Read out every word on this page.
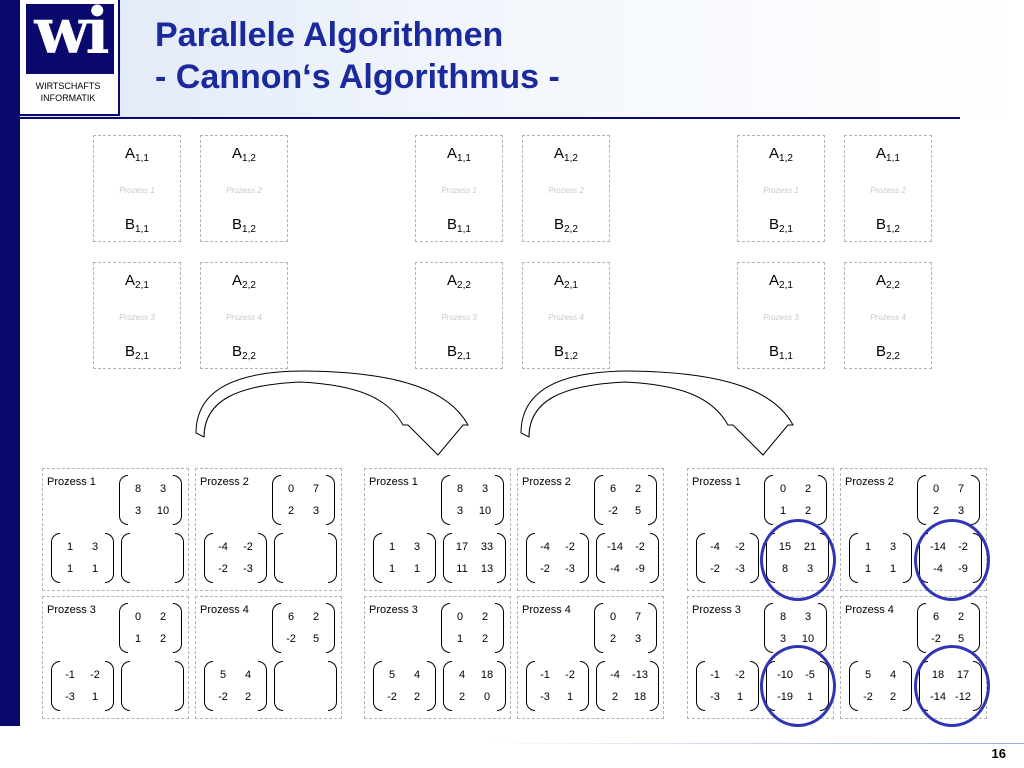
wi
WIRTSCHAFTS
INFORMATIK
Parallele Algorithmen
- Cannon‘s Algorithmus -
$A_{1,1}$
Prozess 1
$B_{1,1}$
$A_{1,2}$
Prozess 2
$B_{1,2}$
$A_{2,1}$
Prozess 3
$B_{2,1}$
$A_{2,2}$
Prozess 4
$B_{2,2}$
$A_{1,1}$
Prozess 1
$B_{1,1}$
$A_{1,2}$
Prozess 2
$B_{2,2}$
$A_{2,2}$
Prozess 3
$B_{2,1}$
$A_{2,1}$
Prozess 4
$B_{1,2}$
$A_{1,2}$
Prozess 1
$B_{2,1}$
$A_{1,1}$
Prozess 2
$B_{1,2}$
$A_{2,1}$
Prozess 3
$B_{1,1}$
$A_{2,2}$
Prozess 4
$B_{2,2}$
Prozess 1
8	3
3	10
1	3
1	1
Prozess 2
0	7
2	3
-4	-2
-2	-3
Prozess 3
0	2
1	2
-1	-2
-3	1
Prozess 4
6	2
-2	5
5	4
-2	2
Prozess 1
8	3
3	10
1	3
1	1
17	33
11	13
Prozess 2
6	2
-2	5
-4	-2
-2	-3
-14	-2
-4	-9
Prozess 3
0	2
1	2
5	4
-2	2
4	18
2	0
Prozess 4
0	7
2	3
-1	-2
-3	1
-4	-13
2	18
Prozess 1
0	2
1	2
-4	-2
-2	-3
15	21
8	3
Prozess 2
0	7
2	3
1	3
1	1
-14	-2
-4	-9
Prozess 3
8	3
3	10
-1	-2
-3	1
-10	-5
-19	1
Prozess 4
6	2
-2	5
5	4
-2	2
18	17
-14 -12
16
